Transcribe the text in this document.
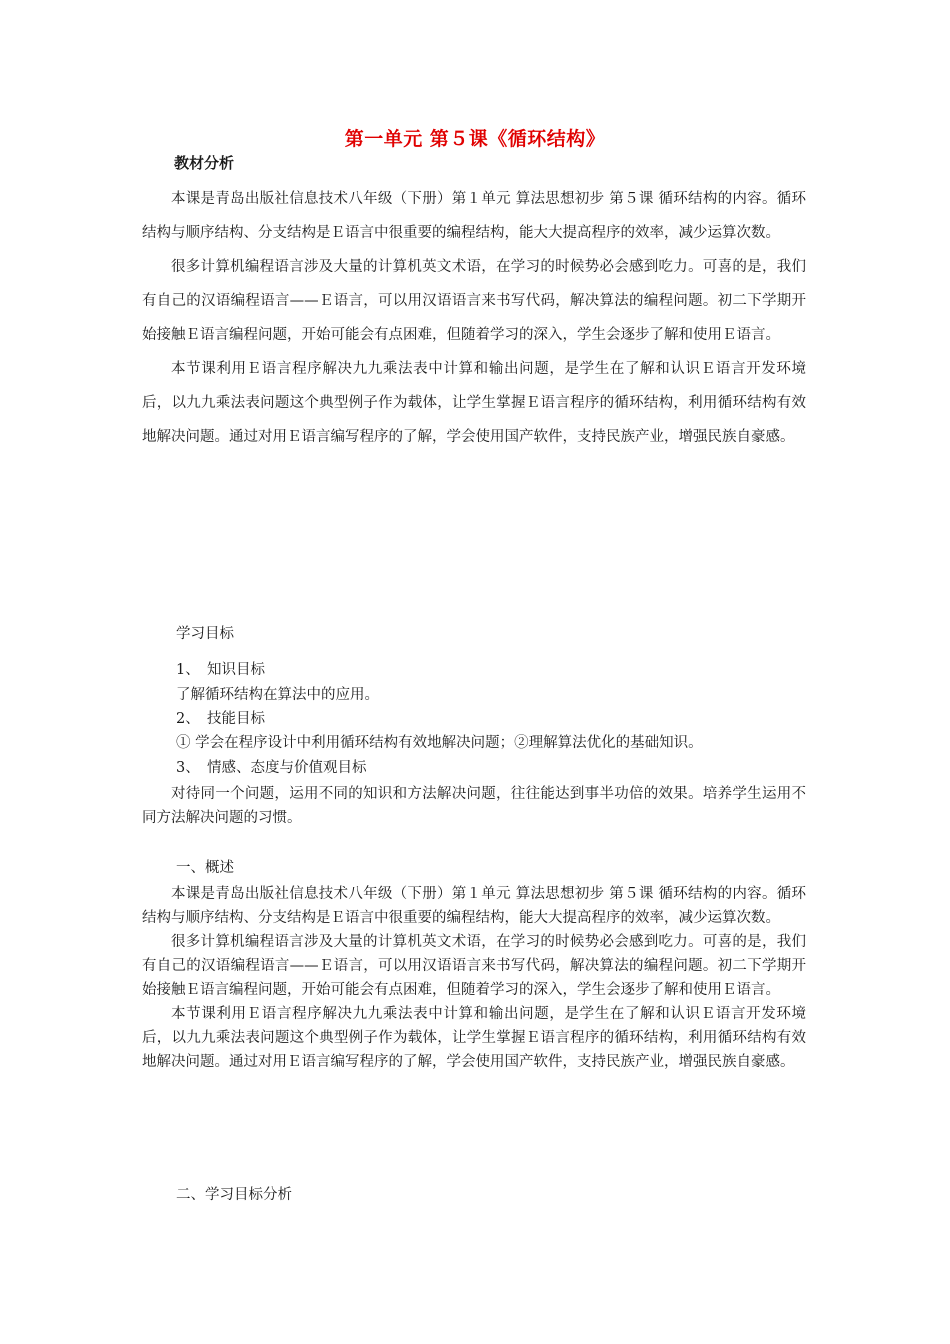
第一单元 第５课《循环结构》
教材分析

本课是青岛出版社信息技术八年级（下册）第１单元 算法思想初步 第５课 循环结构的内容。循环结构与顺序结构、分支结构是Ｅ语言中很重要的编程结构，能大大提高程序的效率，减少运算次数。

很多计算机编程语言涉及大量的计算机英文术语，在学习的时候势必会感到吃力。可喜的是，我们有自己的汉语编程语言——Ｅ语言，可以用汉语语言来书写代码，解决算法的编程问题。初二下学期开始接触Ｅ语言编程问题，开始可能会有点困难，但随着学习的深入，学生会逐步了解和使用Ｅ语言。

本节课利用Ｅ语言程序解决九九乘法表中计算和输出问题，是学生在了解和认识Ｅ语言开发环境后，以九九乘法表问题这个典型例子作为载体，让学生掌握Ｅ语言程序的循环结构，利用循环结构有效地解决问题。通过对用Ｅ语言编写程序的了解，学会使用国产软件，支持民族产业，增强民族自豪感。

学习目标
1、　知识目标
了解循环结构在算法中的应用。
2、　技能目标
① 学会在程序设计中利用循环结构有效地解决问题；②理解算法优化的基础知识。
3、　情感、态度与价值观目标

对待同一个问题，运用不同的知识和方法解决问题，往往能达到事半功倍的效果。培养学生运用不同方法解决问题的习惯。

一、概述

本课是青岛出版社信息技术八年级（下册）第１单元 算法思想初步 第５课 循环结构的内容。循环结构与顺序结构、分支结构是Ｅ语言中很重要的编程结构，能大大提高程序的效率，减少运算次数。

很多计算机编程语言涉及大量的计算机英文术语，在学习的时候势必会感到吃力。可喜的是，我们有自己的汉语编程语言——Ｅ语言，可以用汉语语言来书写代码，解决算法的编程问题。初二下学期开始接触Ｅ语言编程问题，开始可能会有点困难，但随着学习的深入，学生会逐步了解和使用Ｅ语言。

本节课利用Ｅ语言程序解决九九乘法表中计算和输出问题，是学生在了解和认识Ｅ语言开发环境后，以九九乘法表问题这个典型例子作为载体，让学生掌握Ｅ语言程序的循环结构，利用循环结构有效地解决问题。通过对用Ｅ语言编写程序的了解，学会使用国产软件，支持民族产业，增强民族自豪感。

二、学习目标分析
